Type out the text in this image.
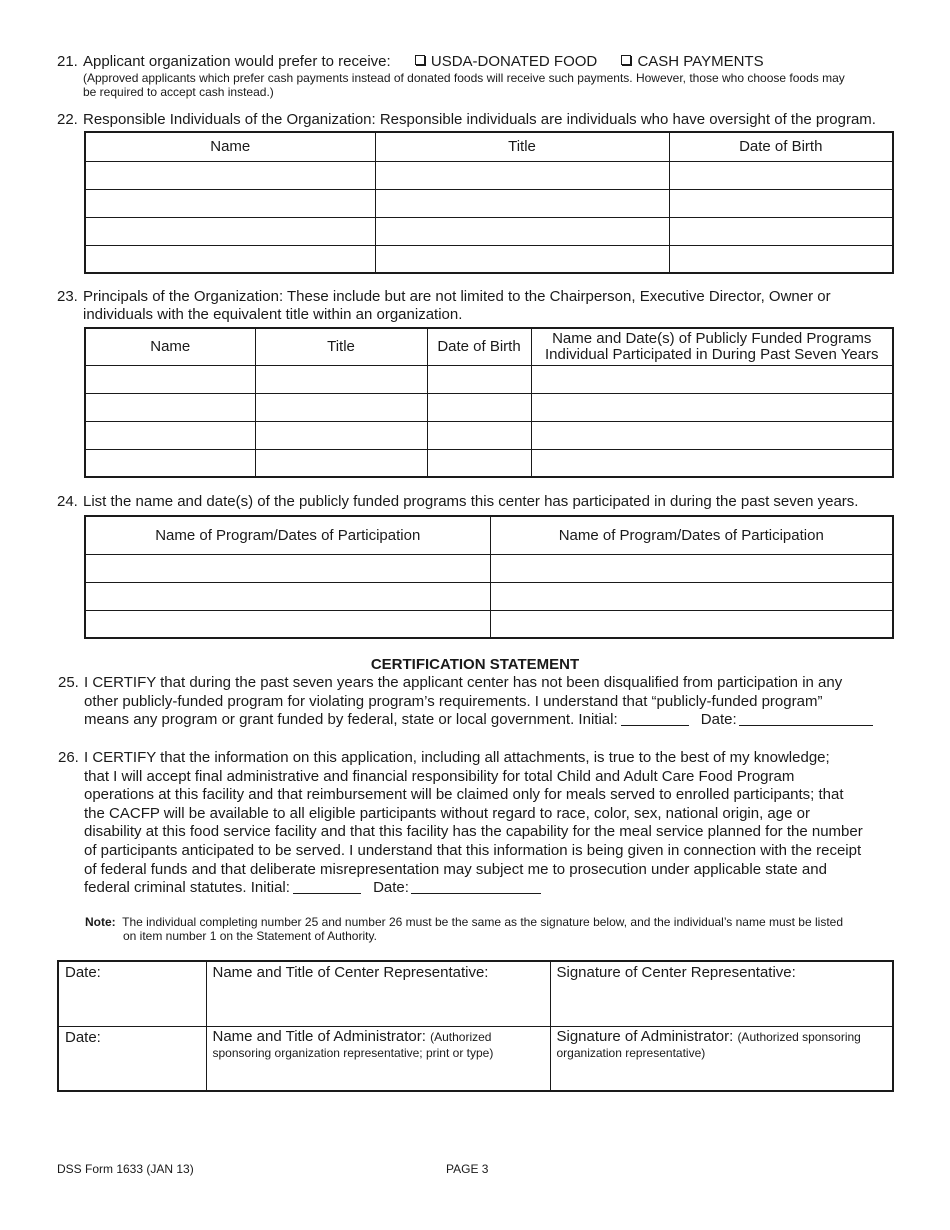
21. Applicant organization would prefer to receive:	USDA-DONATED FOOD	CASH PAYMENTS
(Approved applicants which prefer cash payments instead of donated foods will receive such payments. However, those who choose foods may
be required to accept cash instead.)
22. Responsible Individuals of the Organization: Responsible individuals are individuals who have oversight of the program.
Name	Title	Date of Birth

23. Principals of the Organization: These include but are not limited to the Chairperson, Executive Director, Owner or
individuals with the equivalent title within an organization.
Name	Title	Date of Birth	Name and Date(s) of Publicly Funded Programs
Individual Participated in During Past Seven Years

24. List the name and date(s) of the publicly funded programs this center has participated in during the past seven years.
Name of Program/Dates of Participation	Name of Program/Dates of Participation

CERTIFICATION STATEMENT
25. I CERTIFY that during the past seven years the applicant center has not been disqualified from participation in any
other publicly-funded program for violating program’s requirements. I understand that “publicly-funded program”
means any program or grant funded by federal, state or local government. Initial:	Date:
26. I CERTIFY that the information on this application, including all attachments, is true to the best of my knowledge;
that I will accept final administrative and financial responsibility for total Child and Adult Care Food Program
operations at this facility and that reimbursement will be claimed only for meals served to enrolled participants; that
the CACFP will be available to all eligible participants without regard to race, color, sex, national origin, age or
disability at this food service facility and that this facility has the capability for the meal service planned for the number
of participants anticipated to be served. I understand that this information is being given in connection with the receipt
of federal funds and that deliberate misrepresentation may subject me to prosecution under applicable state and
federal criminal statutes. Initial:	Date:
Note: The individual completing number 25 and number 26 must be the same as the signature below, and the individual’s name must be listed
on item number 1 on the Statement of Authority.
Date:	Name and Title of Center Representative:	Signature of Center Representative:
Date:	Name and Title of Administrator: (Authorized
sponsoring organization representative; print or type)	Signature of Administrator: (Authorized sponsoring
organization representative)
DSS Form 1633 (JAN 13)	PAGE 3
